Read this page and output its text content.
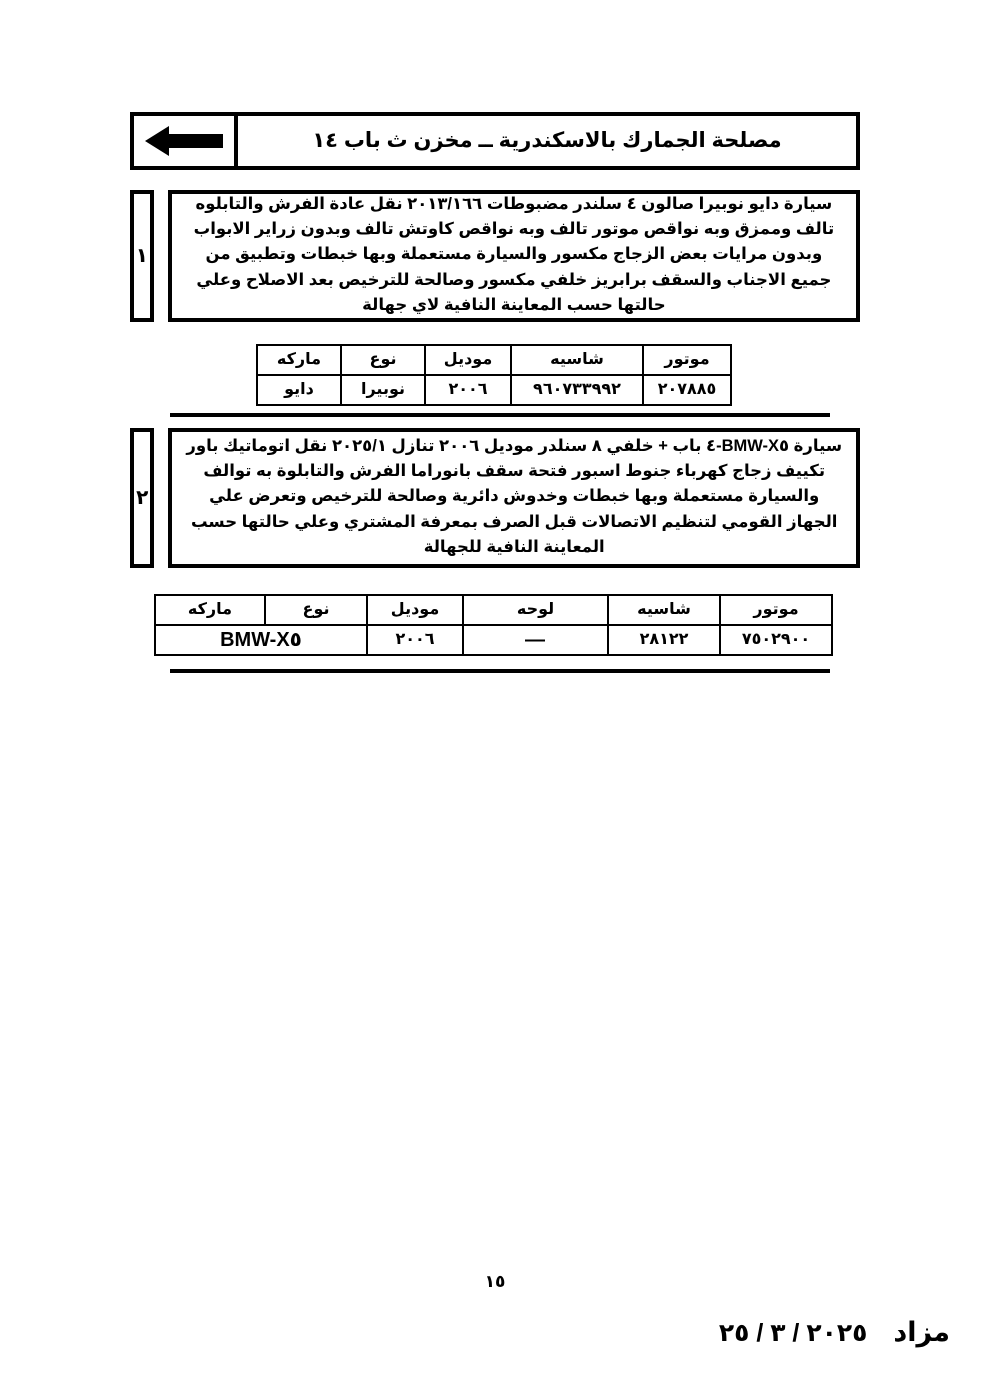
مصلحة الجمارك بالاسكندرية ــ مخزن ث باب ١٤
سيارة دايو نوبيرا صالون ٤ سلندر مضبوطات ٢٠١٣/١٦٦ نقل عادة الفرش والتابلوه تالف وممزق وبه نواقص موتور تالف وبه نواقص كاوتش تالف وبدون زراير الابواب وبدون مرايات بعض الزجاج مكسور والسيارة مستعملة وبها خبطات وتطبيق من جميع الاجناب والسقف برابريز خلفي مكسور وصالحة للترخيص بعد الاصلاح وعلي حالتها حسب المعاينة النافية لاي جهالة
١
موتور	شاسيه	موديل	نوع	ماركه
٢٠٧٨٨٥	٩٦٠٧٣٣٩٩٢	٢٠٠٦	نوبيرا	دايو
سيارة BMW-X٥-٤ باب + خلفي ٨ سنلدر موديل ٢٠٠٦ تنازل ٢٠٢٥/١ نقل اتوماتيك باور تكييف زجاج كهرباء جنوط اسبور فتحة سقف بانوراما الفرش والتابلوة به توالف والسيارة مستعملة وبها خبطات وخدوش دائرية وصالحة للترخيص وتعرض علي الجهاز القومي لتنظيم الاتصالات قبل الصرف بمعرفة المشتري وعلي حالتها حسب المعاينة النافية للجهالة
٢
موتور	شاسيه	لوحه	موديل	نوع	ماركه
٧٥٠٢٩٠٠	٢٨١٢٢	—	٢٠٠٦	BMW-X٥	
١٥
مزاد
٢٠٢٥ / ٣ / ٢٥
